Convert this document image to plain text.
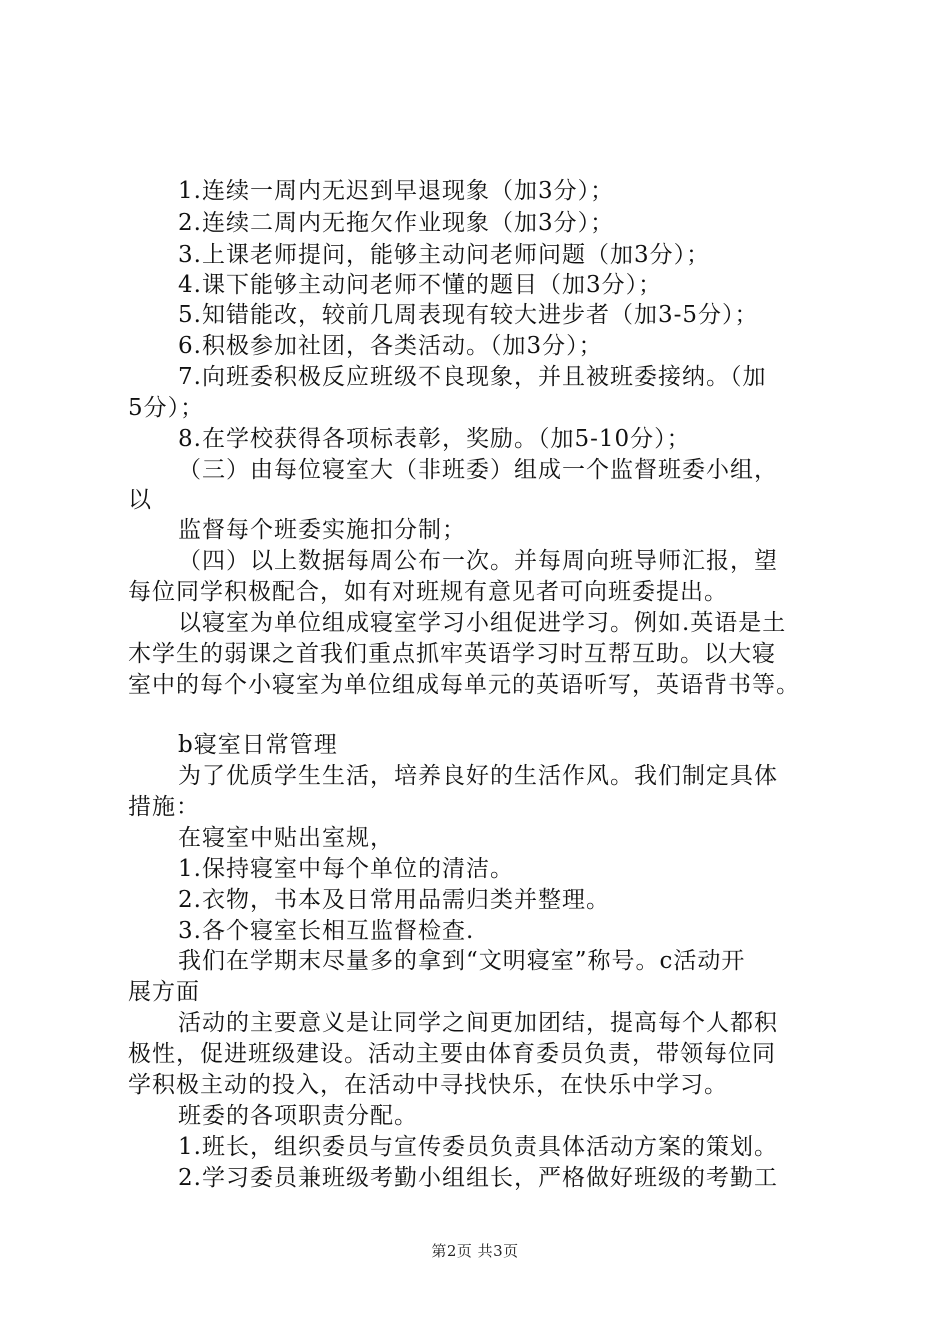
1.连续一周内无迟到早退现象（加3分）；
2.连续二周内无拖欠作业现象（加3分）；
3.上课老师提问，能够主动问老师问题（加3分）；
4.课下能够主动问老师不懂的题目（加3分）；
5.知错能改，较前几周表现有较大进步者（加3-5分）；
6.积极参加社团，各类活动。（加3分）；
7.向班委积极反应班级不良现象，并且被班委接纳。（加
5分）；
8.在学校获得各项标表彰，奖励。（加5-10分）；
（三）由每位寝室大（非班委）组成一个监督班委小组，
以
监督每个班委实施扣分制；
（四）以上数据每周公布一次。并每周向班导师汇报，望
每位同学积极配合，如有对班规有意见者可向班委提出。
以寝室为单位组成寝室学习小组促进学习。例如.英语是土
木学生的弱课之首我们重点抓牢英语学习时互帮互助。以大寝
室中的每个小寝室为单位组成每单元的英语听写，英语背书等。
b寝室日常管理
为了优质学生生活，培养良好的生活作风。我们制定具体
措施：
在寝室中贴出室规，
1.保持寝室中每个单位的清洁。
2.衣物，书本及日常用品需归类并整理。
3.各个寝室长相互监督检查.
我们在学期末尽量多的拿到“文明寝室”称号。c活动开
展方面
活动的主要意义是让同学之间更加团结，提高每个人都积
极性，促进班级建设。活动主要由体育委员负责，带领每位同
学积极主动的投入，在活动中寻找快乐，在快乐中学习。
班委的各项职责分配。
1.班长，组织委员与宣传委员负责具体活动方案的策划。
2.学习委员兼班级考勤小组组长，严格做好班级的考勤工
第2页 共3页
